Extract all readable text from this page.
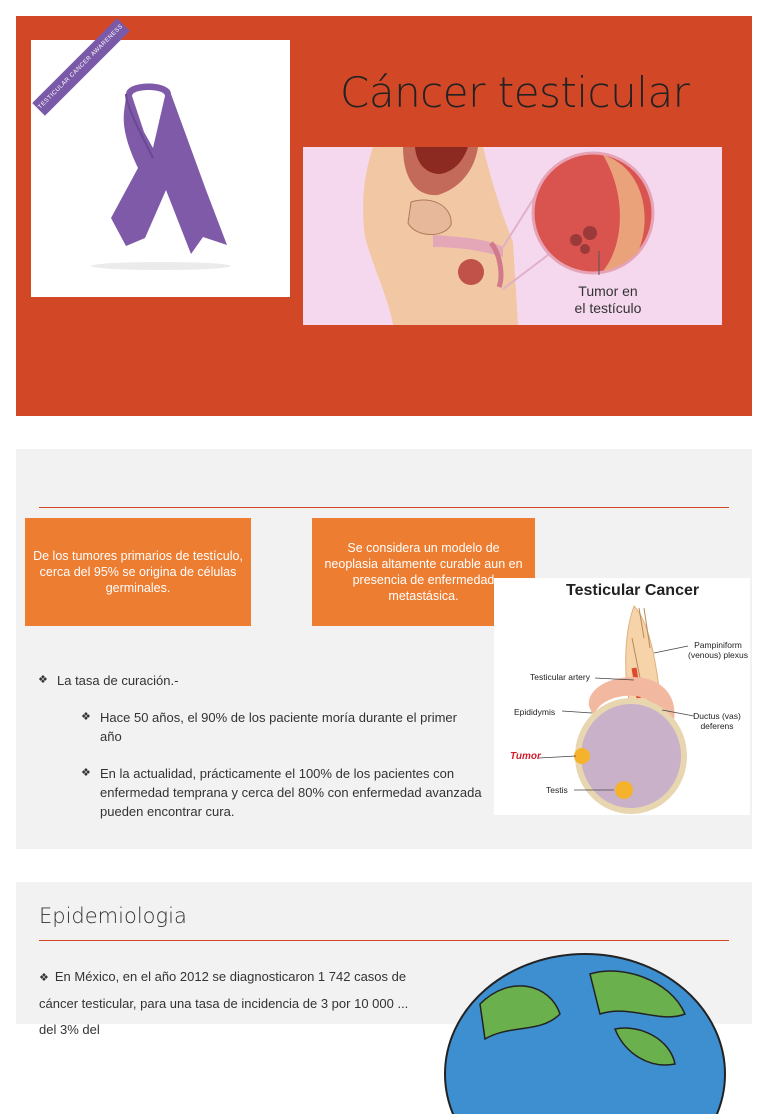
TESTICULAR CANCER AWARENESS	Cáncer testicular
Tumor en
el testículo
De los tumores primarios de testículo, cerca del 95% se origina de células germinales.
Se considera un modelo de neoplasia altamente curable aun en presencia de enfermedad metastásica.
❖ La tasa de curación.-
❖ Hace 50 años, el 90% de los paciente moría durante el primer año
❖ En la actualidad, prácticamente el 100% de los pacientes con enfermedad temprana y cerca del 80% con enfermedad avanzada pueden encontrar cura.
Testicular Cancer
Pampiniform (venous) plexus
Testicular artery
Epididymis	Ductus (vas) deferens
Tumor
Testis
Epidemiologia
❖ En México, en el año 2012 se diagnosticaron 1 742 casos de cáncer testicular, para una tasa de incidencia de 3 por 10 000 ... del 3% del
